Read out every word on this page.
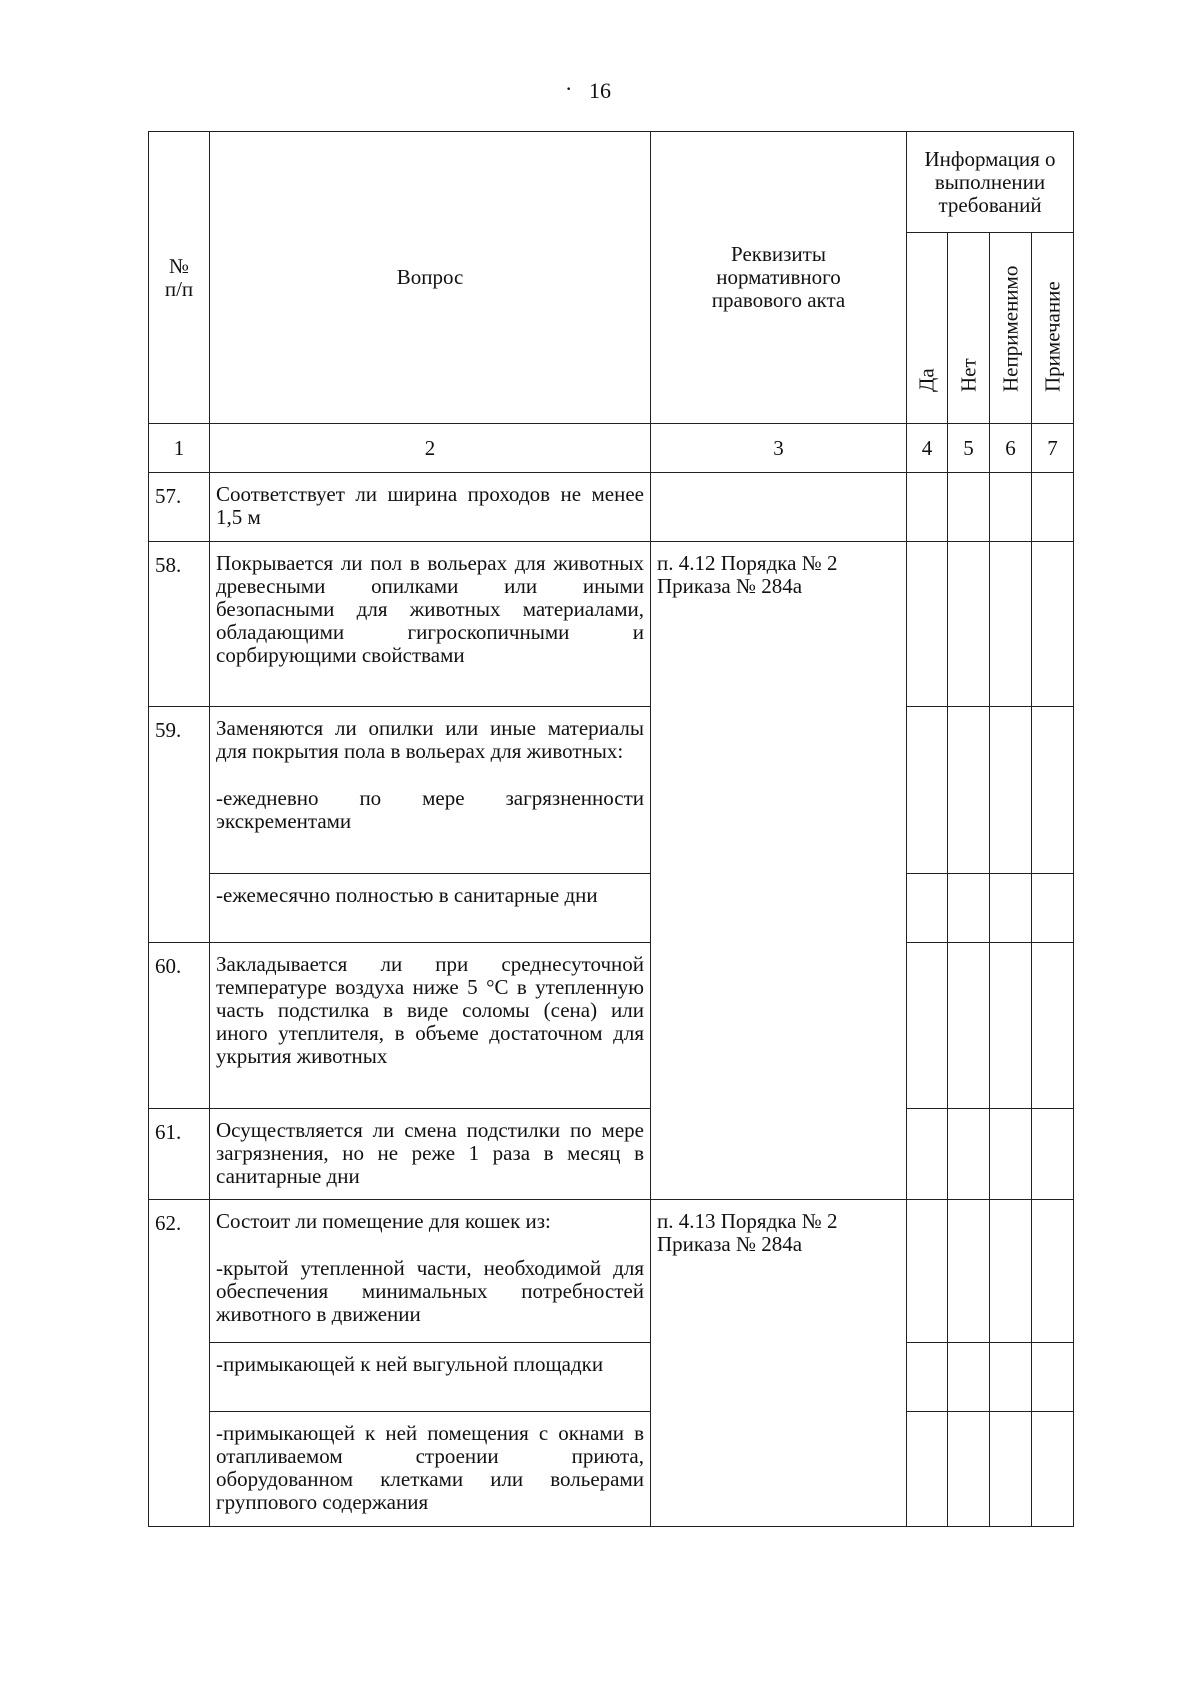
· 16
№
п/п	Вопрос	Реквизиты нормативного правового акта	Информация о выполнении требований			

			Да	Нет	Неприменимо	Примечание

1	2	3	4	5	6	7
57.	Соответствует ли ширина проходов не менее 1,5 м					
58.	Покрывается ли пол в вольерах для животных древесными опилками или иными безопасными для животных материалами, обладающими гигроскопичными и сорбирующими свойствами	п. 4.12 Порядка № 2 Приказа № 284а				
59.	Заменяются ли опилки или иные материалы для покрытия пола в вольерах для животных:

-ежедневно по мере загрязненности экскрементами					

	-ежемесячно полностью в санитарные дни					
60.	Закладывается ли при среднесуточной температуре воздуха ниже 5 °С в утепленную часть подстилка в виде соломы (сена) или иного утеплителя, в объеме достаточном для укрытия животных					
61.	Осуществляется ли смена подстилки по мере загрязнения, но не реже 1 раза в месяц в санитарные дни					
62.	Состоит ли помещение для кошек из:

-крытой утепленной части, необходимой для обеспечения минимальных потребностей животного в движении	п. 4.13 Порядка № 2 Приказа № 284а				
	-примыкающей к ней выгульной площадки					
	-примыкающей к ней помещения с окнами в отапливаемом строении приюта, оборудованном клетками или вольерами группового содержания					
